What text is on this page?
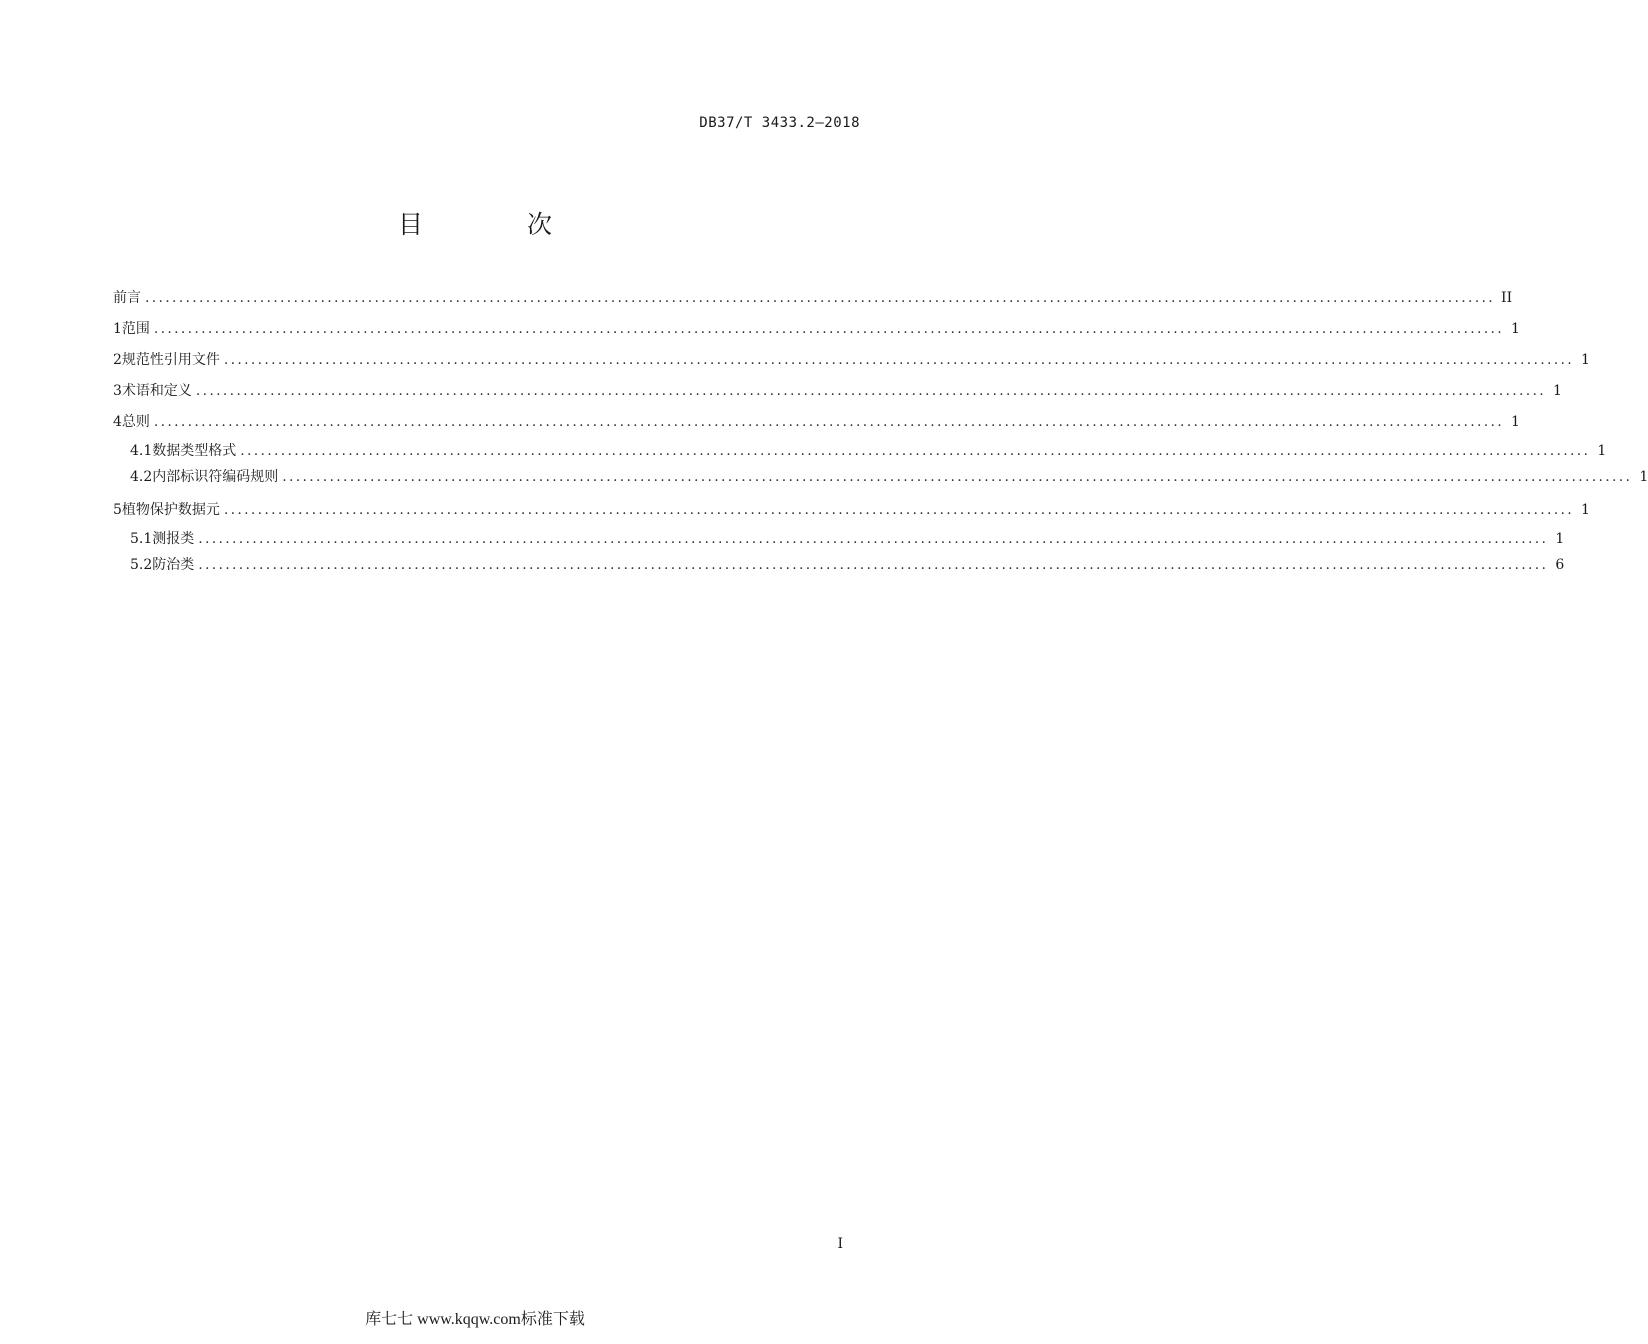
DB37/T 3433.2—2018
目 次
前言 ........................................................................................................................................................................................................ II
1 范围 ........................................................................................................................................................................................................ 1
2 规范性引用文件 ........................................................................................................................................................................................................ 1
3 术语和定义 ........................................................................................................................................................................................................ 1
4 总则 ........................................................................................................................................................................................................ 1
4.1 数据类型格式 ........................................................................................................................................................................................................ 1
4.2 内部标识符编码规则 ........................................................................................................................................................................................................ 1
5 植物保护数据元 ........................................................................................................................................................................................................ 1
5.1 测报类 ........................................................................................................................................................................................................ 1
5.2 防治类 ........................................................................................................................................................................................................ 6
I
库七七 www.kqqw.com标准下载
